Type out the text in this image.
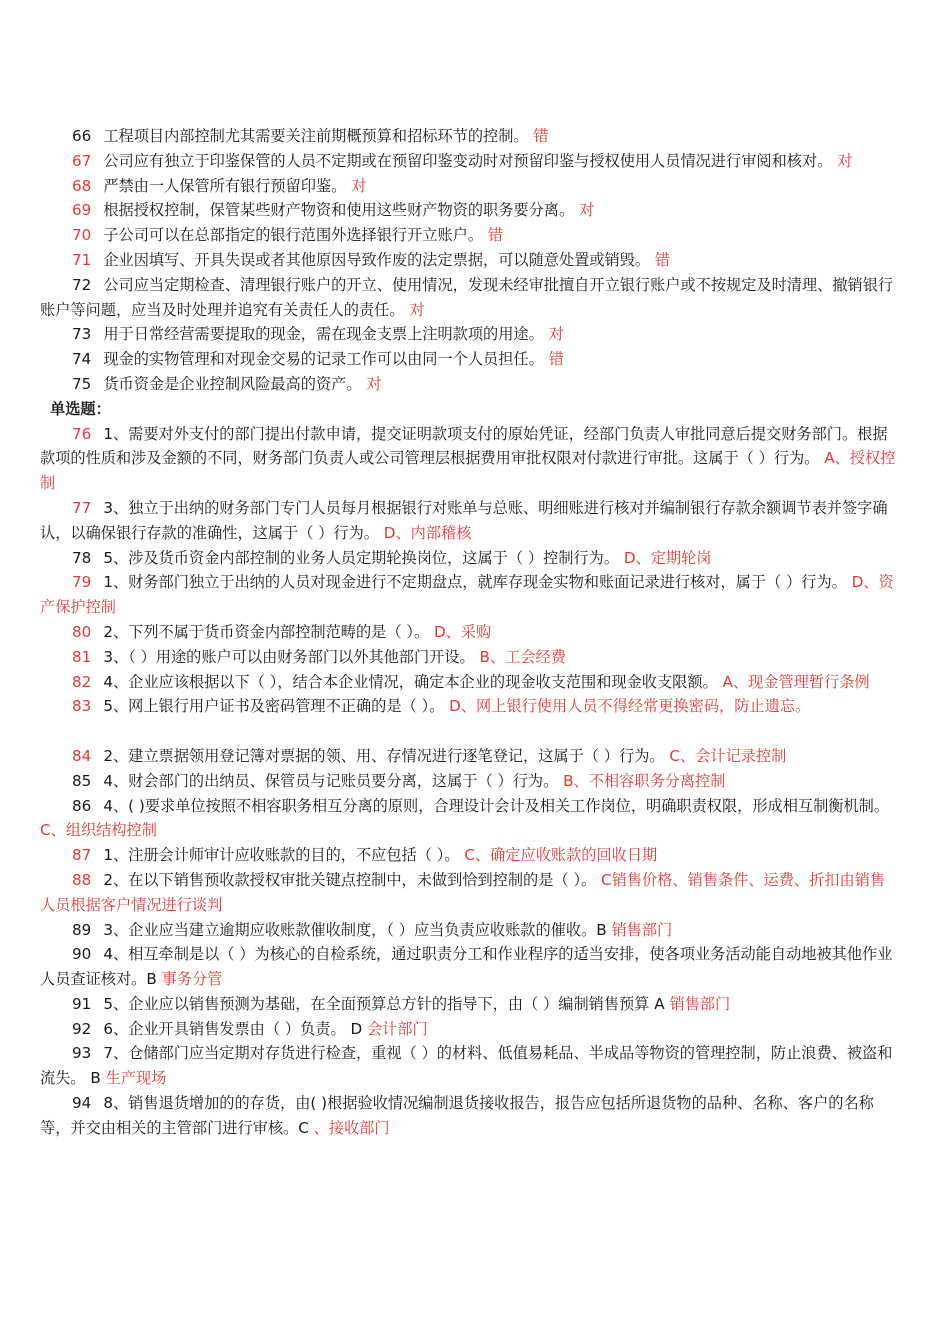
66 工程项目内部控制尤其需要关注前期概预算和招标环节的控制。 错

67 公司应有独立于印鉴保管的人员不定期或在预留印鉴变动时对预留印鉴与授权使用人员情况进行审阅和核对。 对

68 严禁由一人保管所有银行预留印鉴。 对

69 根据授权控制，保管某些财产物资和使用这些财产物资的职务要分离。 对

70 子公司可以在总部指定的银行范围外选择银行开立账户。 错

71 企业因填写、开具失误或者其他原因导致作废的法定票据，可以随意处置或销毁。 错

72 公司应当定期检查、清理银行账户的开立、使用情况，发现未经审批擅自开立银行账户或不按规定及时清理、撤销银行账户等问题，应当及时处理并追究有关责任人的责任。 对

73 用于日常经营需要提取的现金，需在现金支票上注明款项的用途。 对

74 现金的实物管理和对现金交易的记录工作可以由同一个人员担任。 错

75 货币资金是企业控制风险最高的资产。 对

单选题：

76 1、需要对外支付的部门提出付款申请，提交证明款项支付的原始凭证，经部门负责人审批同意后提交财务部门。根据款项的性质和涉及金额的不同，财务部门负责人或公司管理层根据费用审批权限对付款进行审批。这属于（ ）行为。 A、授权控制

77 3、独立于出纳的财务部门专门人员每月根据银行对账单与总账、明细账进行核对并编制银行存款余额调节表并签字确认，以确保银行存款的准确性，这属于（ ）行为。 D、内部稽核

78 5、涉及货币资金内部控制的业务人员定期轮换岗位，这属于（ ）控制行为。 D、定期轮岗

79 1、财务部门独立于出纳的人员对现金进行不定期盘点，就库存现金实物和账面记录进行核对，属于（ ）行为。 D、资产保护控制

80 2、下列不属于货币资金内部控制范畴的是（ ）。 D、采购

81 3、（ ）用途的账户可以由财务部门以外其他部门开设。 B、工会经费

82 4、企业应该根据以下（ ），结合本企业情况，确定本企业的现金收支范围和现金收支限额。 A、现金管理暂行条例

83 5、网上银行用户证书及密码管理不正确的是（ ）。 D、网上银行使用人员不得经常更换密码，防止遗忘。

84 2、建立票据领用登记簿对票据的领、用、存情况进行逐笔登记，这属于（ ）行为。 C、会计记录控制

85 4、财会部门的出纳员、保管员与记账员要分离，这属于（ ）行为。 B、不相容职务分离控制

86 4、( )要求单位按照不相容职务相互分离的原则，合理设计会计及相关工作岗位，明确职责权限，形成相互制衡机制。 C、组织结构控制

87 1、注册会计师审计应收账款的目的，不应包括（ ）。 C、确定应收账款的回收日期

88 2、在以下销售预收款授权审批关键点控制中，未做到恰到控制的是（ ）。 C销售价格、销售条件、运费、折扣由销售人员根据客户情况进行谈判

89 3、企业应当建立逾期应收账款催收制度，（ ）应当负责应收账款的催收。B 销售部门

90 4、相互牵制是以（ ）为核心的自检系统，通过职责分工和作业程序的适当安排，使各项业务活动能自动地被其他作业人员查证核对。B 事务分管

91 5、企业应以销售预测为基础，在全面预算总方针的指导下，由（ ）编制销售预算 A 销售部门

92 6、企业开具销售发票由（ ）负责。 D 会计部门

93 7、仓储部门应当定期对存货进行检查，重视（ ）的材料、低值易耗品、半成品等物资的管理控制，防止浪费、被盗和流失。 B 生产现场

94 8、销售退货增加的的存货，由( )根据验收情况编制退货接收报告，报告应包括所退货物的品种、名称、客户的名称等，并交由相关的主管部门进行审核。C 、接收部门
